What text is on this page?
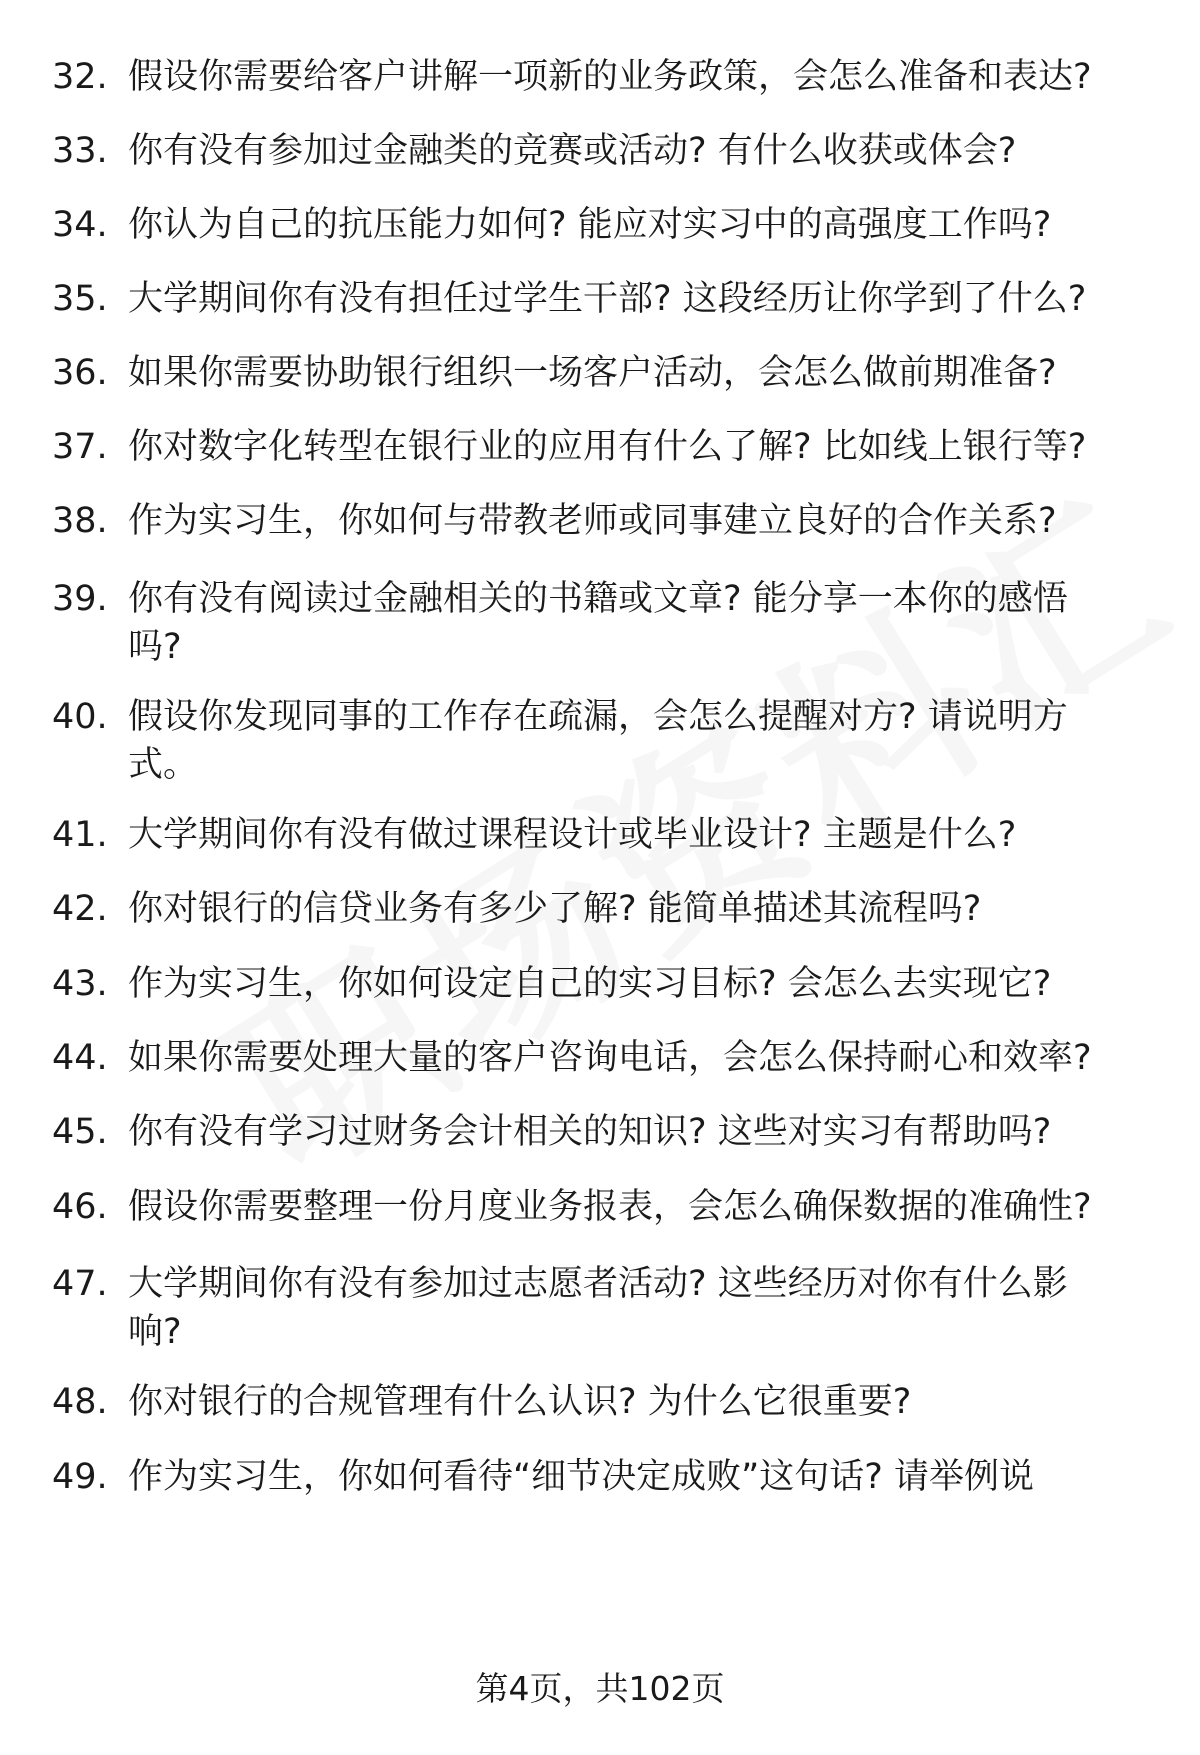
32. 假设你需要给客户讲解一项新的业务政策，会怎么准备和表达?
33. 你有没有参加过金融类的竞赛或活动? 有什么收获或体会?
34. 你认为自己的抗压能力如何? 能应对实习中的高强度工作吗?
35. 大学期间你有没有担任过学生干部? 这段经历让你学到了什么?
36. 如果你需要协助银行组织一场客户活动，会怎么做前期准备?
37. 你对数字化转型在银行业的应用有什么了解? 比如线上银行等?
38. 作为实习生，你如何与带教老师或同事建立良好的合作关系?
39. 你有没有阅读过金融相关的书籍或文章? 能分享一本你的感悟
吗?
40. 假设你发现同事的工作存在疏漏，会怎么提醒对方? 请说明方
式。
41. 大学期间你有没有做过课程设计或毕业设计? 主题是什么?
42. 你对银行的信贷业务有多少了解? 能简单描述其流程吗?
43. 作为实习生，你如何设定自己的实习目标? 会怎么去实现它?
44. 如果你需要处理大量的客户咨询电话，会怎么保持耐心和效率?
45. 你有没有学习过财务会计相关的知识? 这些对实习有帮助吗?
46. 假设你需要整理一份月度业务报表，会怎么确保数据的准确性?
47. 大学期间你有没有参加过志愿者活动? 这些经历对你有什么影
响?
48. 你对银行的合规管理有什么认识? 为什么它很重要?
49. 作为实习生，你如何看待“细节决定成败”这句话? 请举例说
第4页，共102页
